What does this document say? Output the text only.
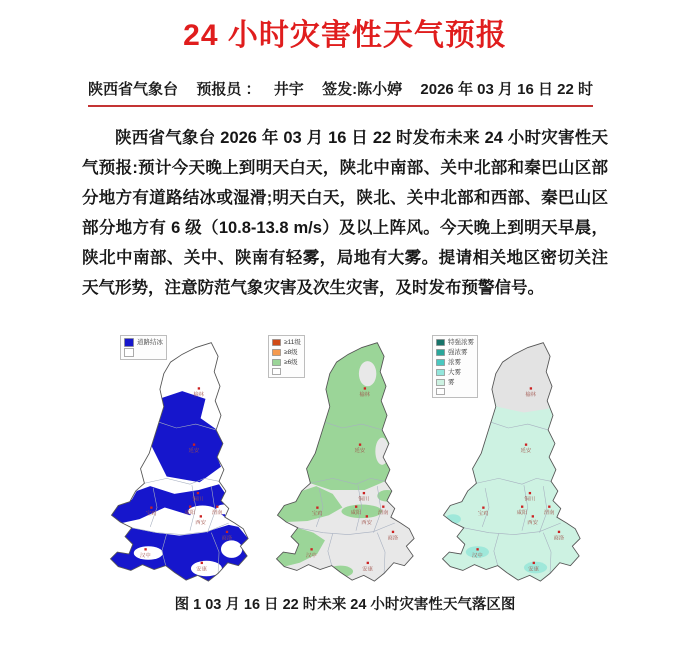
24 小时灾害性天气预报
陕西省气象台 预报员 ： 井宇 签发: 陈小婷 2026 年 03 月 16 日 22 时

陕西省气象台 2026 年 03 月 16 日 22 时发布未来 24 小时灾害性天气预报:预计今天晚上到明天白天，陕北中南部、关中北部和秦巴山区部分地方有道路结冰或湿滑;明天白天，陕北、关中北部和西部、秦巴山区部分地方有 6 级（10.8-13.8 m/s）及以上阵风。今天晚上到明天早晨，陕北中南部、关中、陕南有轻雾，局地有大雾。提请相关地区密切关注天气形势，注意防范气象灾害及次生灾害，及时发布预警信号。

道路结冰	≥11级
≥8级
≥6级
特强浓雾
强浓雾
浓雾
大雾
雾
图 1 03 月 16 日 22 时未来 24 小时灾害性天气落区图
